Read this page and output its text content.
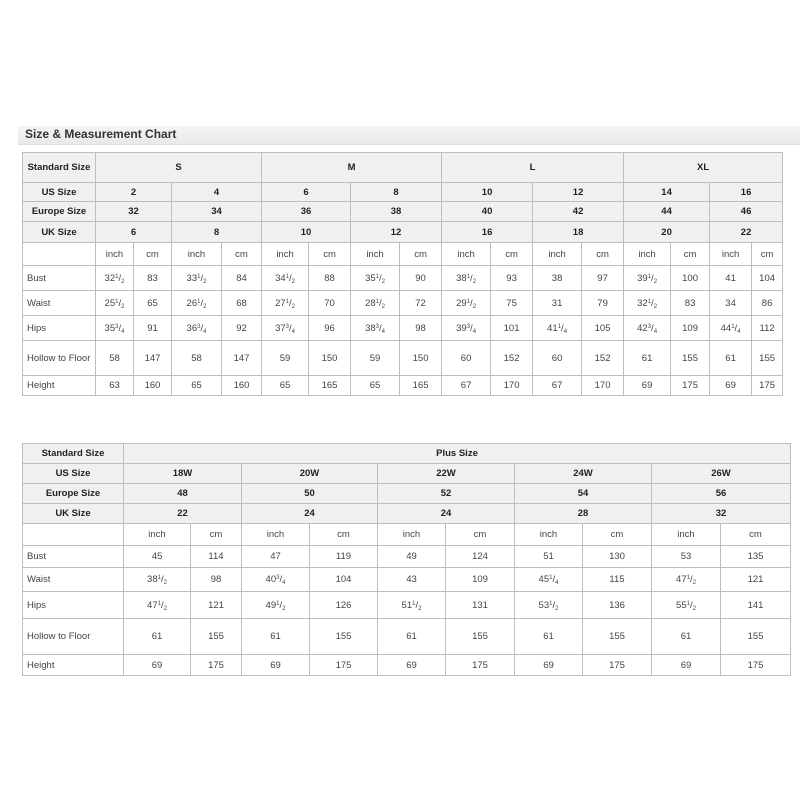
Size & Measurement Chart
Standard Size	S				M				L				XL			
US Size	2		4		6		8		10		12		14		16	
Europe Size	32		34		36		38		40		42		44		46	
UK Size	6		8		10		12		16		18		20		22	
	inch	cm	inch	cm	inch	cm	inch	cm	inch	cm	inch	cm	inch	cm	inch	cm
Bust	$32^1/_2$	83	$33^1/_2$	84	$34^1/_2$	88	$35^1/_2$	90	$38^1/_2$	93	38	97	$39^1/_2$	100	41	104
Waist	$25^1/_2$	65	$26^1/_2$	68	$27^1/_2$	70	$28^1/_2$	72	$29^1/_2$	75	31	79	$32^1/_2$	83	34	86
Hips	$35^3/_4$	91	$36^3/_4$	92	$37^3/_4$	96	$38^3/_4$	98	$39^3/_4$	101	$41^1/_4$	105	$42^3/_4$	109	$44^1/_4$	112
Hollow to Floor	58	147	58	147	59	150	59	150	60	152	60	152	61	155	61	155
Height	63	160	65	160	65	165	65	165	67	170	67	170	69	175	69	175
Standard Size	Plus Size									
US Size	18W		20W		22W		24W		26W	
Europe Size	48		50		52		54		56	
UK Size	22		24		24		28		32	
	inch	cm	inch	cm	inch	cm	inch	cm	inch	cm
Bust	45	114	47	119	49	124	51	130	53	135
Waist	$38^1/_2$	98	$40^3/_4$	104	43	109	$45^1/_4$	115	$47^1/_2$	121
Hips	$47^1/_2$	121	$49^1/_2$	126	$51^1/_2$	131	$53^1/_2$	136	$55^1/_2$	141
Hollow to Floor	61	155	61	155	61	155	61	155	61	155
Height	69	175	69	175	69	175	69	175	69	175
